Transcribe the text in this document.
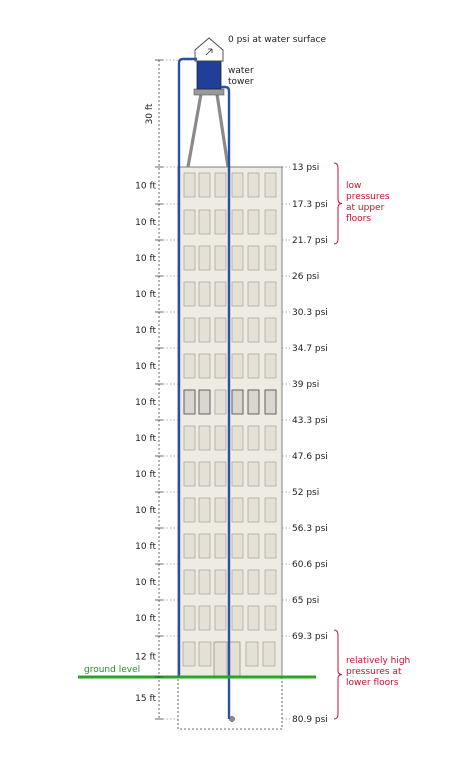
ground level
30 ft
10 ft
10 ft
10 ft
10 ft
10 ft
10 ft
10 ft
10 ft
10 ft
10 ft
10 ft
10 ft
10 ft
12 ft
15 ft
13 psi
17.3 psi
21.7 psi
26 psi
30.3 psi
34.7 psi
39 psi
43.3 psi
47.6 psi
52 psi
56.3 psi
60.6 psi
65 psi
69.3 psi
80.9 psi
0 psi at water surface
water
tower
low
pressures
at upper
floors
relatively high
pressures at
lower floors
